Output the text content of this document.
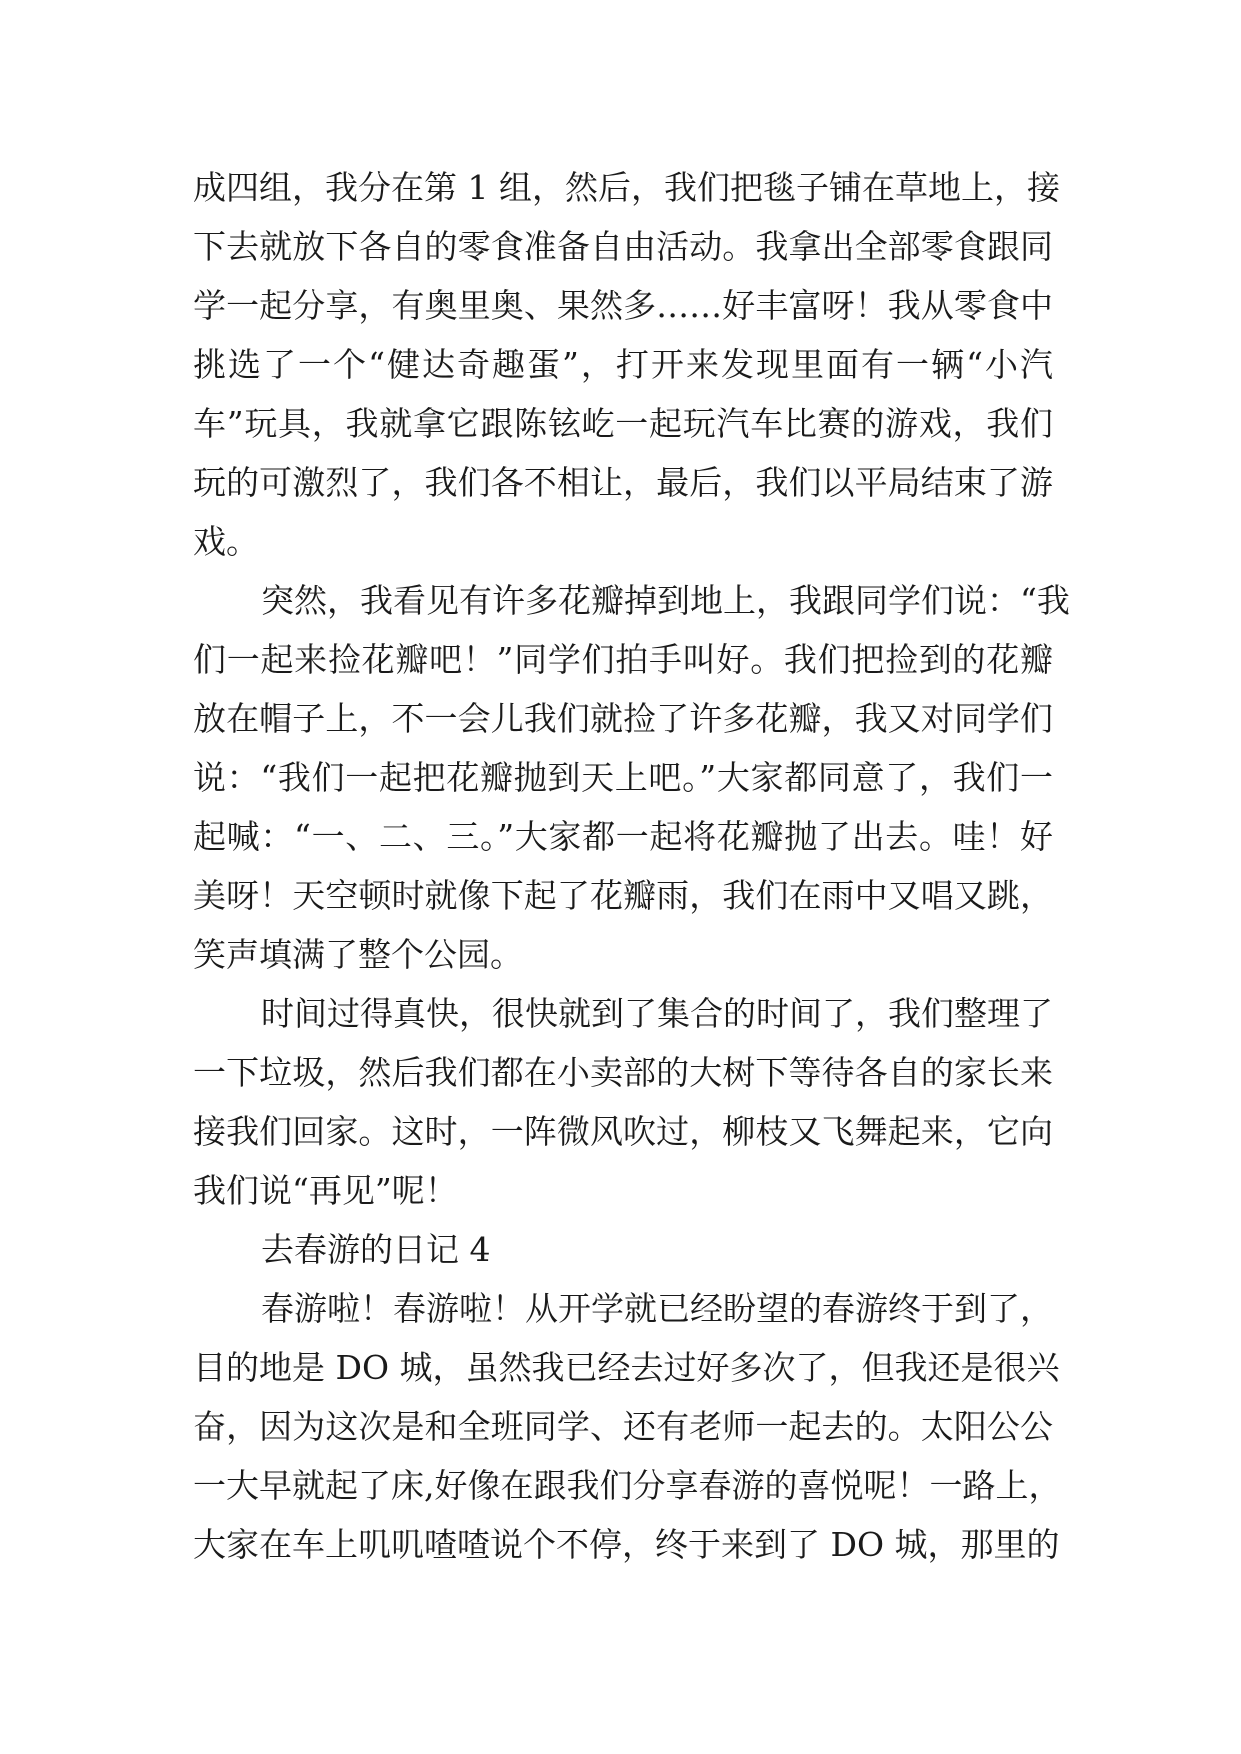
成四组，我分在第 1 组，然后，我们把毯子铺在草地上，接
下去就放下各自的零食准备自由活动。我拿出全部零食跟同
学一起分享，有奥里奥、果然多……好丰富呀！我从零食中
挑选了一个“健达奇趣蛋”，打开来发现里面有一辆“小汽
车”玩具，我就拿它跟陈铉屹一起玩汽车比赛的游戏，我们
玩的可激烈了，我们各不相让，最后，我们以平局结束了游
戏。
突然，我看见有许多花瓣掉到地上，我跟同学们说：“我
们一起来捡花瓣吧！”同学们拍手叫好。我们把捡到的花瓣
放在帽子上，不一会儿我们就捡了许多花瓣，我又对同学们
说：“我们一起把花瓣抛到天上吧。”大家都同意了，我们一
起喊：“一、二、三。”大家都一起将花瓣抛了出去。哇！好
美呀！天空顿时就像下起了花瓣雨，我们在雨中又唱又跳，
笑声填满了整个公园。
时间过得真快，很快就到了集合的时间了，我们整理了
一下垃圾，然后我们都在小卖部的大树下等待各自的家长来
接我们回家。这时，一阵微风吹过，柳枝又飞舞起来，它向
我们说“再见”呢！
去春游的日记 4
春游啦！春游啦！从开学就已经盼望的春游终于到了，
目的地是 DO 城，虽然我已经去过好多次了，但我还是很兴
奋，因为这次是和全班同学、还有老师一起去的。太阳公公
一大早就起了床,好像在跟我们分享春游的喜悦呢！一路上，
大家在车上叽叽喳喳说个不停，终于来到了 DO 城，那里的
